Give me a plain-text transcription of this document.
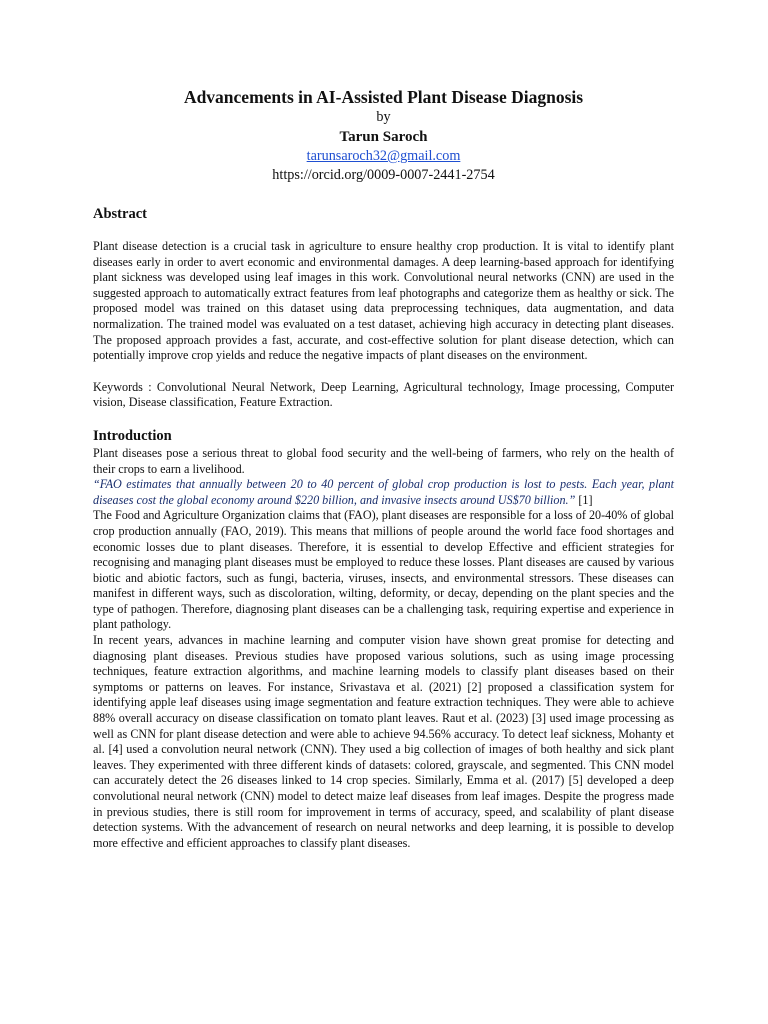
Advancements in AI-Assisted Plant Disease Diagnosis
by
Tarun Saroch
tarunsaroch32@gmail.com
https://orcid.org/0009-0007-2441-2754
Abstract

Plant disease detection is a crucial task in agriculture to ensure healthy crop production. It is vital to identify plant diseases early in order to avert economic and environmental damages. A deep learning-based approach for identifying plant sickness was developed using leaf images in this work. Convolutional neural networks (CNN) are used in the suggested approach to automatically extract features from leaf photographs and categorize them as healthy or sick. The proposed model was trained on this dataset using data preprocessing techniques, data augmentation, and data normalization. The trained model was evaluated on a test dataset, achieving high accuracy in detecting plant diseases. The proposed approach provides a fast, accurate, and cost-effective solution for plant disease detection, which can potentially improve crop yields and reduce the negative impacts of plant diseases on the environment.

Keywords : Convolutional Neural Network, Deep Learning, Agricultural technology, Image processing, Computer vision, Disease classification, Feature Extraction.

Introduction

Plant diseases pose a serious threat to global food security and the well-being of farmers, who rely on the health of their crops to earn a livelihood.

“FAO estimates that annually between 20 to 40 percent of global crop production is lost to pests. Each year, plant diseases cost the global economy around $220 billion, and invasive insects around US$70 billion.” [1]

The Food and Agriculture Organization claims that (FAO), plant diseases are responsible for a loss of 20-40% of global crop production annually (FAO, 2019). This means that millions of people around the world face food shortages and economic losses due to plant diseases. Therefore, it is essential to develop Effective and efficient strategies for recognising and managing plant diseases must be employed to reduce these losses. Plant diseases are caused by various biotic and abiotic factors, such as fungi, bacteria, viruses, insects, and environmental stressors. These diseases can manifest in different ways, such as discoloration, wilting, deformity, or decay, depending on the plant species and the type of pathogen. Therefore, diagnosing plant diseases can be a challenging task, requiring expertise and experience in plant pathology.

In recent years, advances in machine learning and computer vision have shown great promise for detecting and diagnosing plant diseases. Previous studies have proposed various solutions, such as using image processing techniques, feature extraction algorithms, and machine learning models to classify plant diseases based on their symptoms or patterns on leaves. For instance, Srivastava et al. (2021) [2] proposed a classification system for identifying apple leaf diseases using image segmentation and feature extraction techniques. They were able to achieve 88% overall accuracy on disease classification on tomato plant leaves. Raut et al. (2023) [3] used image processing as well as CNN for plant disease detection and were able to achieve 94.56% accuracy. To detect leaf sickness, Mohanty et al. [4] used a convolution neural network (CNN). They used a big collection of images of both healthy and sick plant leaves. They experimented with three different kinds of datasets: colored, grayscale, and segmented. This CNN model can accurately detect the 26 diseases linked to 14 crop species. Similarly, Emma et al. (2017) [5] developed a deep convolutional neural network (CNN) model to detect maize leaf diseases from leaf images. Despite the progress made in previous studies, there is still room for improvement in terms of accuracy, speed, and scalability of plant disease detection systems. With the advancement of research on neural networks and deep learning, it is possible to develop more effective and efficient approaches to classify plant diseases.
